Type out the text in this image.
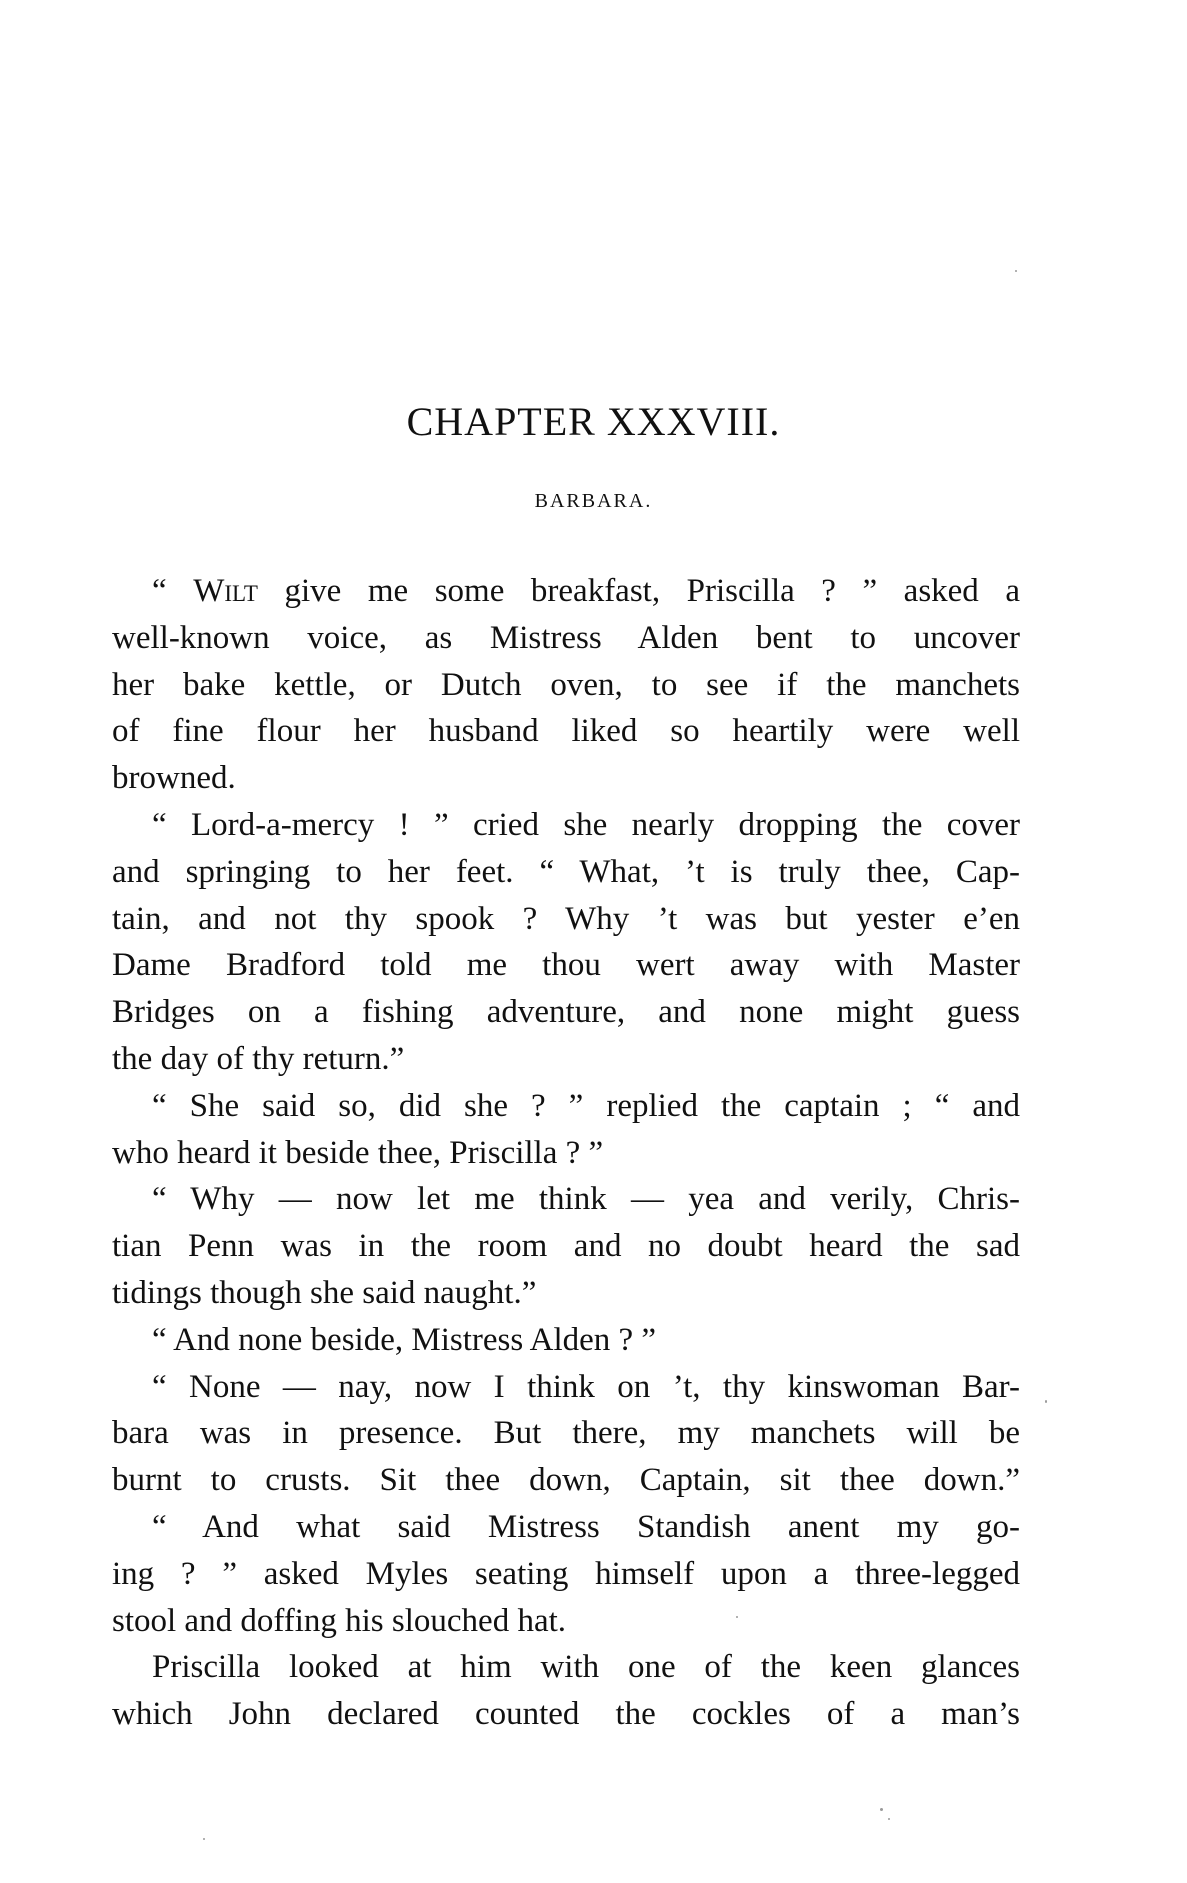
CHAPTER XXXVIII.
BARBARA.
“ Wilt give me some breakfast, Priscilla ? ” asked a
well-known voice, as Mistress Alden bent to uncover
her bake kettle, or Dutch oven, to see if the manchets
of fine flour her husband liked so heartily were well
browned.
“ Lord-a-mercy ! ” cried she nearly dropping the cover
and springing to her feet. “ What, ’t is truly thee, Cap-
tain, and not thy spook ? Why ’t was but yester e’en
Dame Bradford told me thou wert away with Master
Bridges on a fishing adventure, and none might guess
the day of thy return.”
“ She said so, did she ? ” replied the captain ; “ and
who heard it beside thee, Priscilla ? ”
“ Why — now let me think — yea and verily, Chris-
tian Penn was in the room and no doubt heard the sad
tidings though she said naught.”
“ And none beside, Mistress Alden ? ”
“ None — nay, now I think on ’t, thy kinswoman Bar-
bara was in presence. But there, my manchets will be
burnt to crusts. Sit thee down, Captain, sit thee down.”
“ And what said Mistress Standish anent my go-
ing ? ” asked Myles seating himself upon a three-legged
stool and doffing his slouched hat.
Priscilla looked at him with one of the keen glances
which John declared counted the cockles of a man’s
